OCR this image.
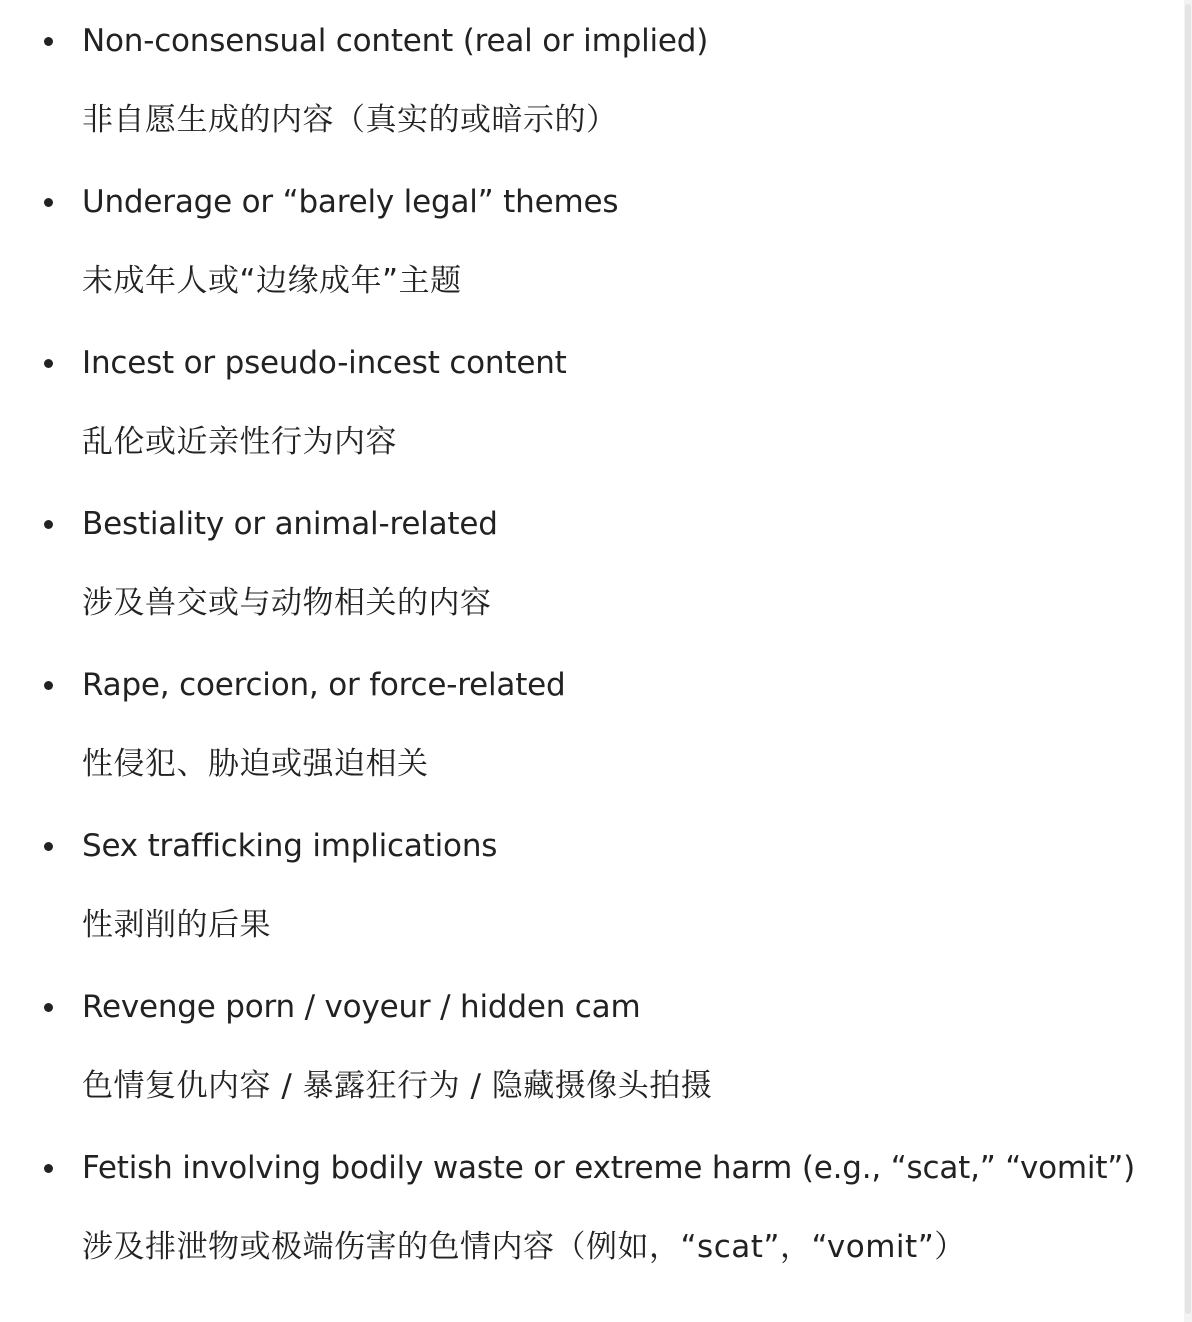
Non-consensual content (real or implied)
非自愿生成的内容（真实的或暗示的）
Underage or “barely legal” themes
未成年人或“边缘成年”主题
Incest or pseudo-incest content
乱伦或近亲性行为内容
Bestiality or animal-related
涉及兽交或与动物相关的内容
Rape, coercion, or force-related
性侵犯、胁迫或强迫相关
Sex trafficking implications
性剥削的后果
Revenge porn / voyeur / hidden cam
色情复仇内容 / 暴露狂行为 / 隐藏摄像头拍摄
Fetish involving bodily waste or extreme harm (e.g., “scat,” “vomit”)
涉及排泄物或极端伤害的色情内容（例如，“scat”，“vomit”）
